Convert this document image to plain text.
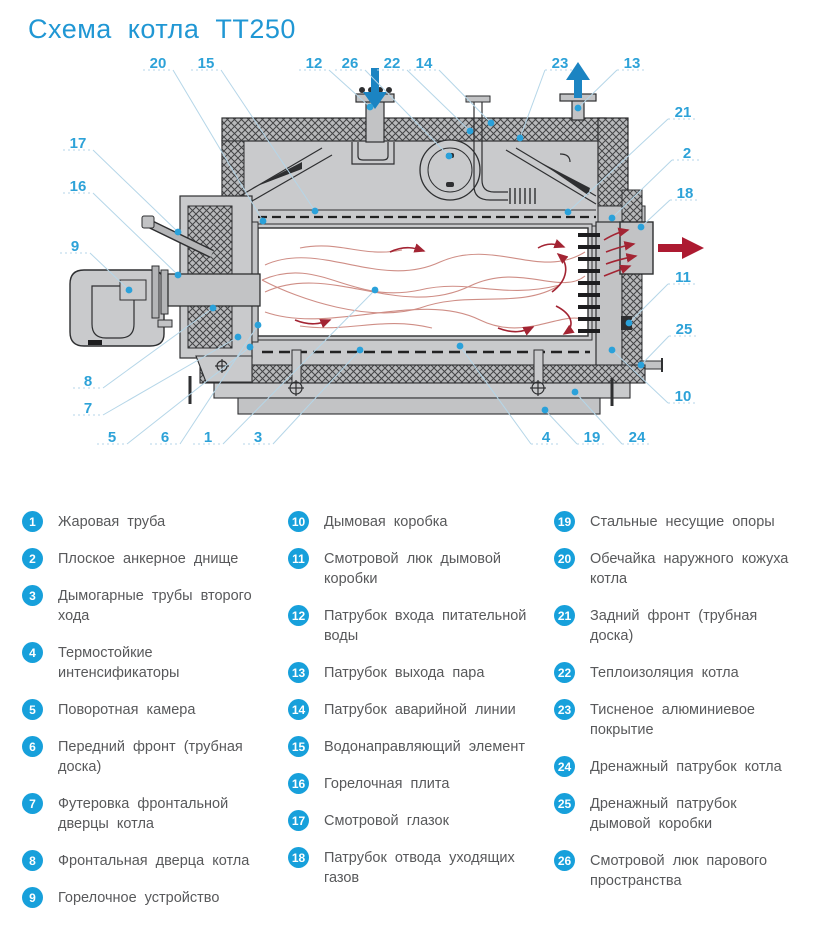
Схема котла ТТ250
20 15	12 26 22 14	23	13
21
2
18
11
25
10
17
16
9
8
7
5	6 1	3	4 19 24
1	Жаровая труба
2	Плоское анкерное днище
3	Дымогарные трубы второго хода
4	Термостойкие интенсификаторы
5	Поворотная камера
6	Передний фронт (трубная доска)
7	Футеровка фронтальной дверцы котла
8	Фронтальная дверца котла
9	Горелочное устройство
10 Дымовая коробка
11 Смотровой люк дымовой коробки
12 Патрубок входа питательной воды
13 Патрубок выхода пара
14 Патрубок аварийной линии
15 Водонаправляющий элемент
16 Горелочная плита
17 Смотровой глазок
18 Патрубок отвода уходящих газов
19 Стальные несущие опоры
20 Обечайка наружного кожуха котла
21 Задний фронт (трубная доска)
22 Теплоизоляция котла
23 Тисненое алюминиевое покрытие
24 Дренажный патрубок котла
25 Дренажный патрубок дымовой коробки
26 Смотровой люк парового пространства
